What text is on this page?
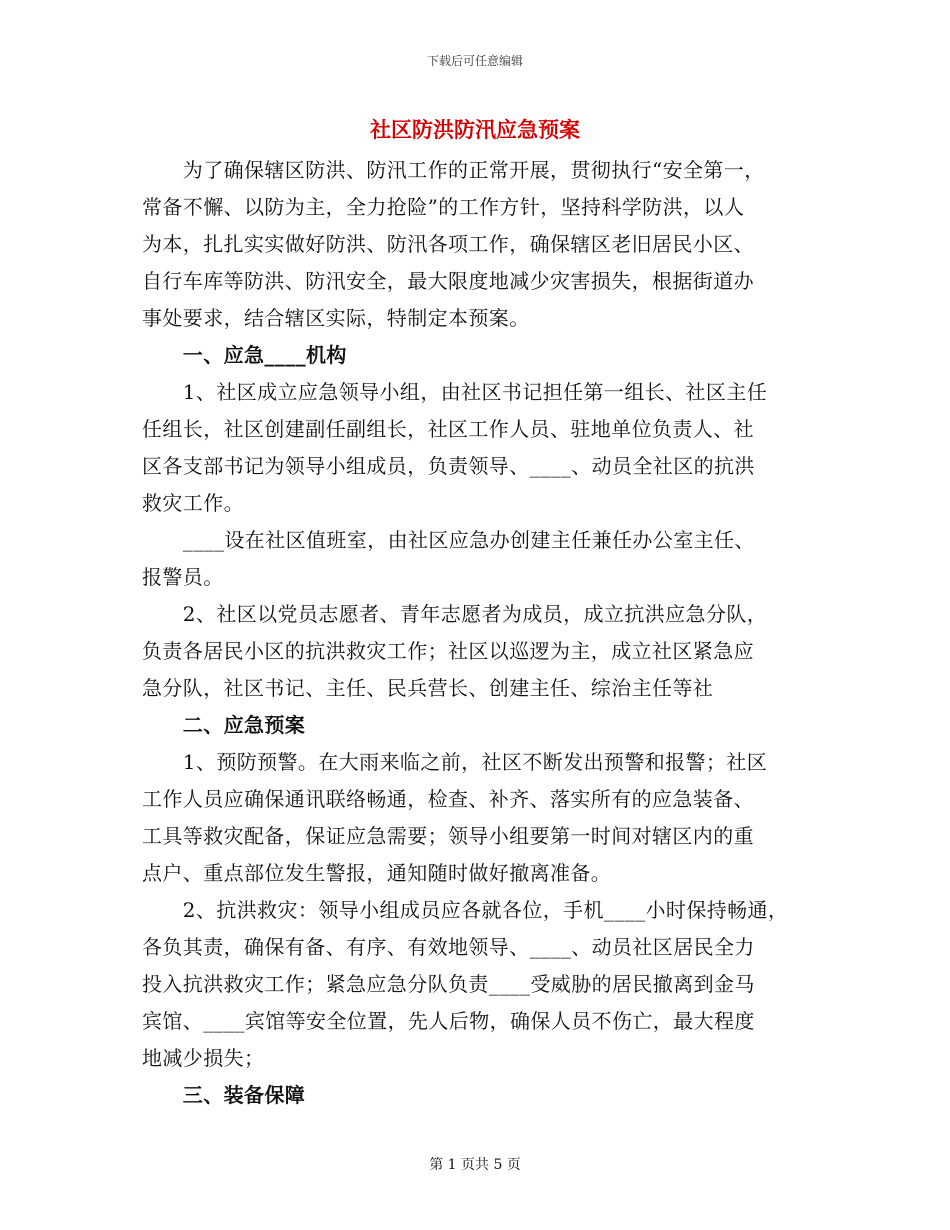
下载后可任意编辑
社区防洪防汛应急预案
　　为了确保辖区防洪、防汛工作的正常开展，贯彻执行“安全第一，
常备不懈、以防为主，全力抢险”的工作方针，坚持科学防洪，以人
为本，扎扎实实做好防洪、防汛各项工作，确保辖区老旧居民小区、
自行车库等防洪、防汛安全，最大限度地减少灾害损失，根据街道办
事处要求，结合辖区实际，特制定本预案。
　　一、应急____机构
　　1、社区成立应急领导小组，由社区书记担任第一组长、社区主任
任组长，社区创建副任副组长，社区工作人员、驻地单位负责人、社
区各支部书记为领导小组成员，负责领导、____、动员全社区的抗洪
救灾工作。
　　____设在社区值班室，由社区应急办创建主任兼任办公室主任、
报警员。
　　2、社区以党员志愿者、青年志愿者为成员，成立抗洪应急分队，
负责各居民小区的抗洪救灾工作；社区以巡逻为主，成立社区紧急应
急分队，社区书记、主任、民兵营长、创建主任、综治主任等社
　　二、应急预案
　　1、预防预警。在大雨来临之前，社区不断发出预警和报警；社区
工作人员应确保通讯联络畅通，检查、补齐、落实所有的应急装备、
工具等救灾配备，保证应急需要；领导小组要第一时间对辖区内的重
点户、重点部位发生警报，通知随时做好撤离准备。
　　2、抗洪救灾：领导小组成员应各就各位，手机____小时保持畅通，
各负其责，确保有备、有序、有效地领导、____、动员社区居民全力
投入抗洪救灾工作；紧急应急分队负责____受威胁的居民撤离到金马
宾馆、____宾馆等安全位置，先人后物，确保人员不伤亡，最大程度
地减少损失；
　　三、装备保障
第 1 页共 5 页
